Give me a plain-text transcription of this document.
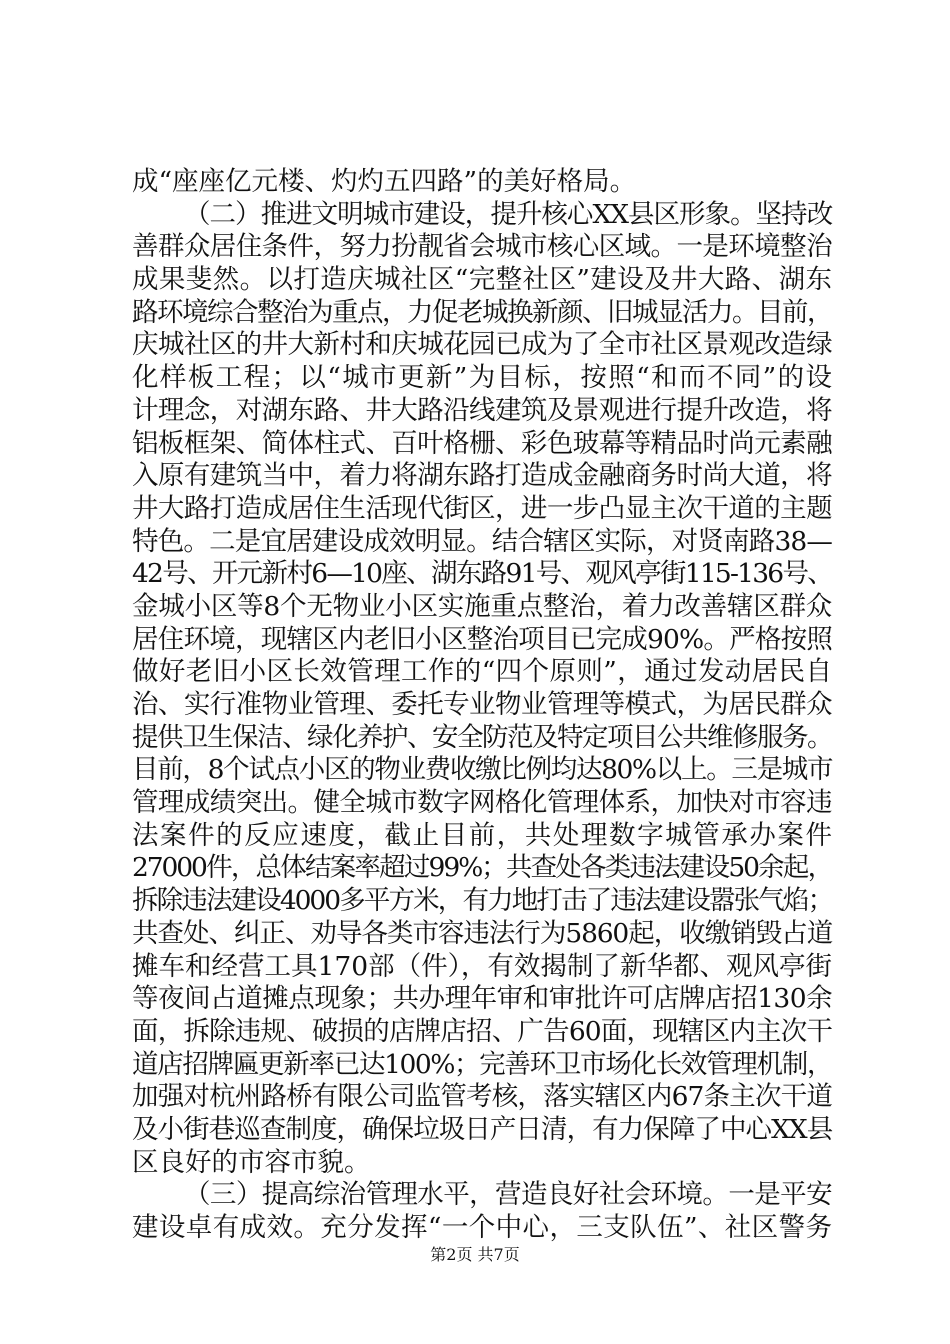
成“座座亿元楼、灼灼五四路”的美好格局。
（二）推进文明城市建设，提升核心XX县区形象。坚持改
善群众居住条件，努力扮靓省会城市核心区域。一是环境整治
成果斐然。以打造庆城社区“完整社区”建设及井大路、湖东
路环境综合整治为重点，力促老城换新颜、旧城显活力。目前，
庆城社区的井大新村和庆城花园已成为了全市社区景观改造绿
化样板工程；以“城市更新”为目标，按照“和而不同”的设
计理念，对湖东路、井大路沿线建筑及景观进行提升改造，将
铝板框架、简体柱式、百叶格栅、彩色玻幕等精品时尚元素融
入原有建筑当中，着力将湖东路打造成金融商务时尚大道，将
井大路打造成居住生活现代街区，进一步凸显主次干道的主题
特色。二是宜居建设成效明显。结合辖区实际，对贤南路38—
42号、开元新村6—10座、湖东路91号、观风亭街115-136号、
金城小区等8个无物业小区实施重点整治，着力改善辖区群众
居住环境，现辖区内老旧小区整治项目已完成90%。严格按照
做好老旧小区长效管理工作的“四个原则”，通过发动居民自
治、实行准物业管理、委托专业物业管理等模式，为居民群众
提供卫生保洁、绿化养护、安全防范及特定项目公共维修服务。
目前，8个试点小区的物业费收缴比例均达80%以上。三是城市
管理成绩突出。健全城市数字网格化管理体系，加快对市容违
法案件的反应速度，截止目前，共处理数字城管承办案件
27000件，总体结案率超过99%；共查处各类违法建设50余起，
拆除违法建设4000多平方米，有力地打击了违法建设嚣张气焰；
共查处、纠正、劝导各类市容违法行为5860起，收缴销毁占道
摊车和经营工具170部（件），有效揭制了新华都、观风亭街
等夜间占道摊点现象；共办理年审和审批许可店牌店招130余
面，拆除违规、破损的店牌店招、广告60面，现辖区内主次干
道店招牌匾更新率已达100%；完善环卫市场化长效管理机制，
加强对杭州路桥有限公司监管考核，落实辖区内67条主次干道
及小街巷巡查制度，确保垃圾日产日清，有力保障了中心XX县
区良好的市容市貌。
（三）提高综治管理水平，营造良好社会环境。一是平安
建设卓有成效。充分发挥“一个中心，三支队伍”、社区警务
第2页 共7页
